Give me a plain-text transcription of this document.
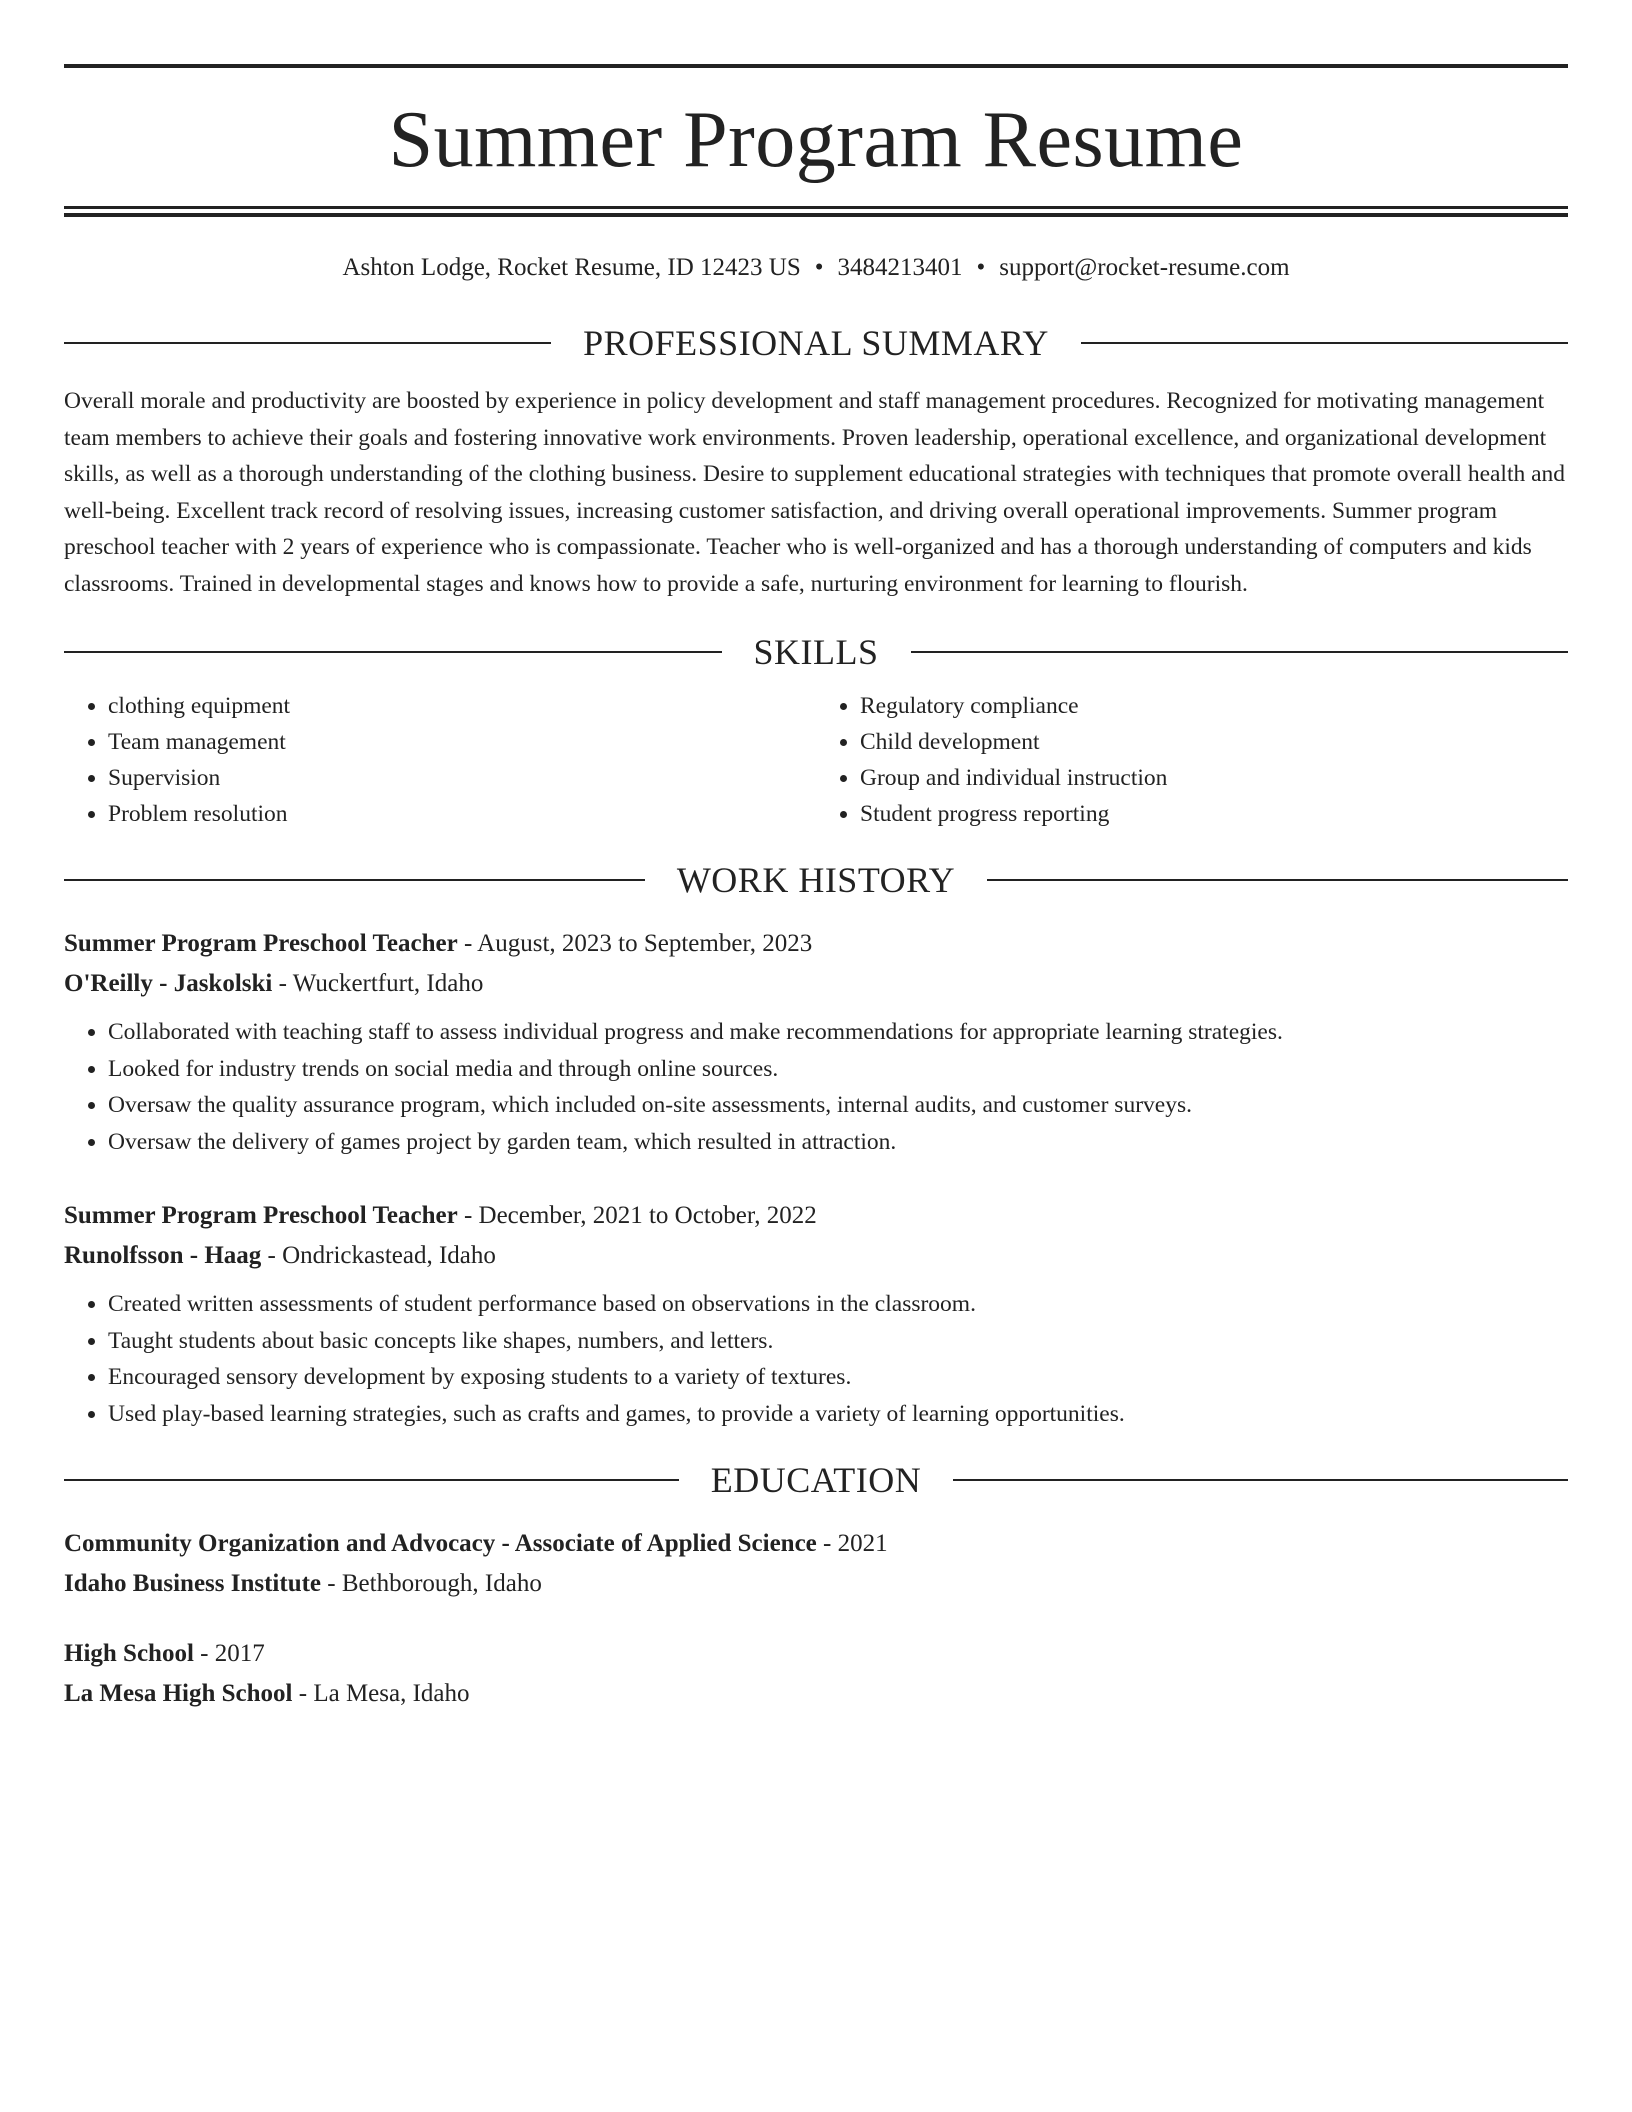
Summer Program Resume
Ashton Lodge, Rocket Resume, ID 12423 US • 3484213401 • support@rocket-resume.com
PROFESSIONAL SUMMARY
Overall morale and productivity are boosted by experience in policy development and staff management procedures. Recognized for motivating management team members to achieve their goals and fostering innovative work environments. Proven leadership, operational excellence, and organizational development skills, as well as a thorough understanding of the clothing business. Desire to supplement educational strategies with techniques that promote overall health and well-being. Excellent track record of resolving issues, increasing customer satisfaction, and driving overall operational improvements. Summer program preschool teacher with 2 years of experience who is compassionate. Teacher who is well-organized and has a thorough understanding of computers and kids classrooms. Trained in developmental stages and knows how to provide a safe, nurturing environment for learning to flourish.
SKILLS
• clothing equipment
• Team management
• Supervision
• Problem resolution
• Regulatory compliance
• Child development
• Group and individual instruction
• Student progress reporting
WORK HISTORY
Summer Program Preschool Teacher - August, 2023 to September, 2023
O'Reilly - Jaskolski - Wuckertfurt, Idaho
• Collaborated with teaching staff to assess individual progress and make recommendations for appropriate learning strategies.
• Looked for industry trends on social media and through online sources.
• Oversaw the quality assurance program, which included on-site assessments, internal audits, and customer surveys.
• Oversaw the delivery of games project by garden team, which resulted in attraction.
Summer Program Preschool Teacher - December, 2021 to October, 2022
Runolfsson - Haag - Ondrickastead, Idaho
• Created written assessments of student performance based on observations in the classroom.
• Taught students about basic concepts like shapes, numbers, and letters.
• Encouraged sensory development by exposing students to a variety of textures.
• Used play-based learning strategies, such as crafts and games, to provide a variety of learning opportunities.
EDUCATION
Community Organization and Advocacy - Associate of Applied Science - 2021
Idaho Business Institute - Bethborough, Idaho
High School - 2017
La Mesa High School - La Mesa, Idaho
